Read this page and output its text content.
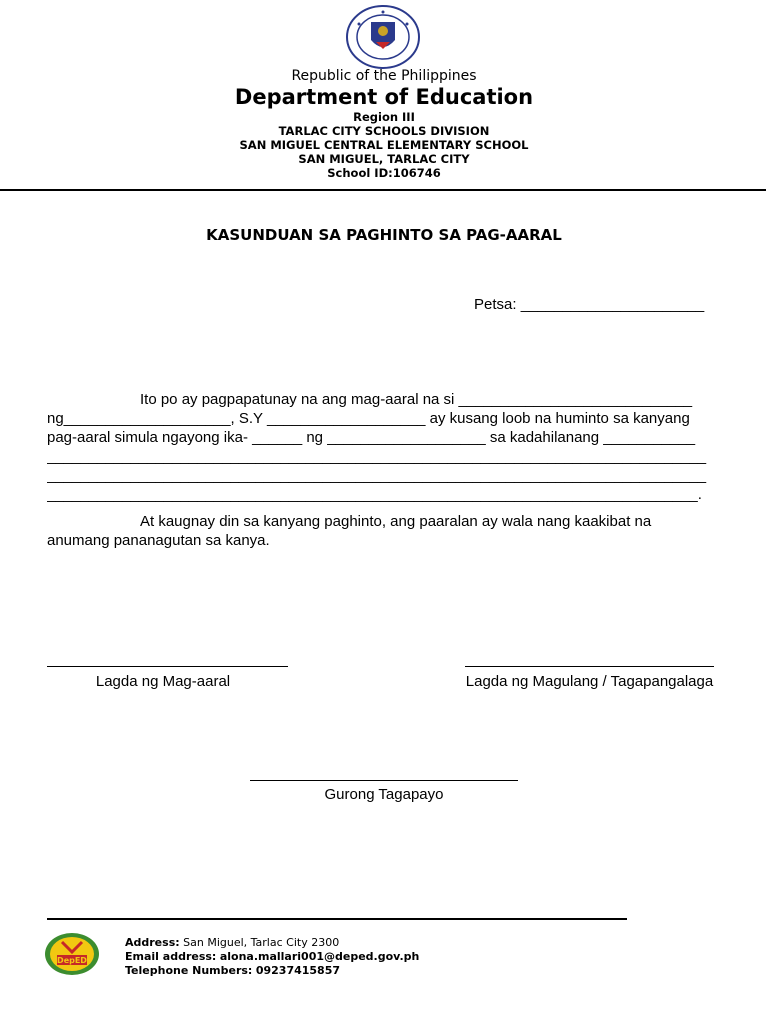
Republic of the Philippines
Department of Education
Region III
TARLAC CITY SCHOOLS DIVISION
SAN MIGUEL CENTRAL ELEMENTARY SCHOOL
SAN MIGUEL, TARLAC CITY
School ID:106746
KASUNDUAN SA PAGHINTO SA PAG-AARAL
Petsa: ______________________
Ito po ay pagpapatunay na ang mag-aaral na si ____________________________
ng____________________, S.Y ___________________ ay kusang loob na huminto sa kanyang
pag-aaral simula ngayong ika- ______ ng ___________________ sa kadahilanang ___________
_______________________________________________________________________________
_______________________________________________________________________________
______________________________________________________________________________.
At kaugnay din sa kanyang paghinto, ang paaralan ay wala nang kaakibat na
anumang pananagutan sa kanya.
Lagda ng Mag-aaral	Lagda ng Magulang / Tagapangalaga
Gurong Tagapayo
DepED
Address: San Miguel, Tarlac City 2300
Email address: alona.mallari001@deped.gov.ph
Telephone Numbers: 09237415857
